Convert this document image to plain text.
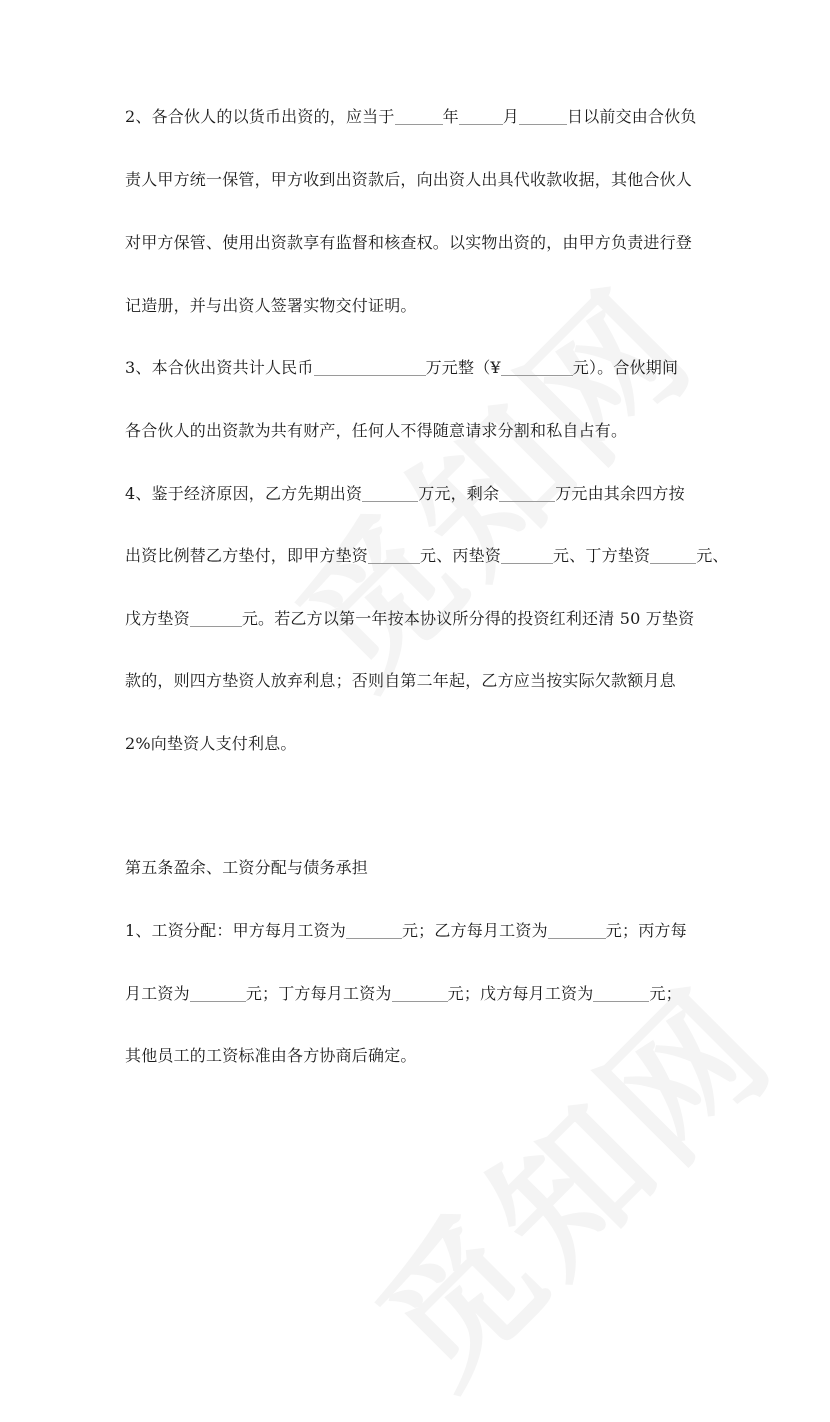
2、各合伙人的以货币出资的，应当于	年	月	日以前交由合伙负
责人甲方统一保管，甲方收到出资款后，向出资人出具代收款收据，其他合伙人
对甲方保管、使用出资款享有监督和核查权。以实物出资的，由甲方负责进行登
记造册，并与出资人签署实物交付证明。
3、本合伙出资共计人民币	万元整（¥	元）。合伙期间
各合伙人的出资款为共有财产，任何人不得随意请求分割和私自占有。
4、鉴于经济原因，乙方先期出资	万元，剩余	万元由其余四方按
出资比例替乙方垫付，即甲方垫资	元、丙垫资	元、丁方垫资	元、
戊方垫资	元。若乙方以第一年按本协议所分得的投资红利还清 50 万垫资
款的，则四方垫资人放弃利息；否则自第二年起，乙方应当按实际欠款额月息
2%向垫资人支付利息。
第五条盈余、工资分配与债务承担
1、工资分配：甲方每月工资为	元；乙方每月工资为	元；丙方每
月工资为	元；丁方每月工资为	元；戊方每月工资为	元；
其他员工的工资标准由各方协商后确定。
